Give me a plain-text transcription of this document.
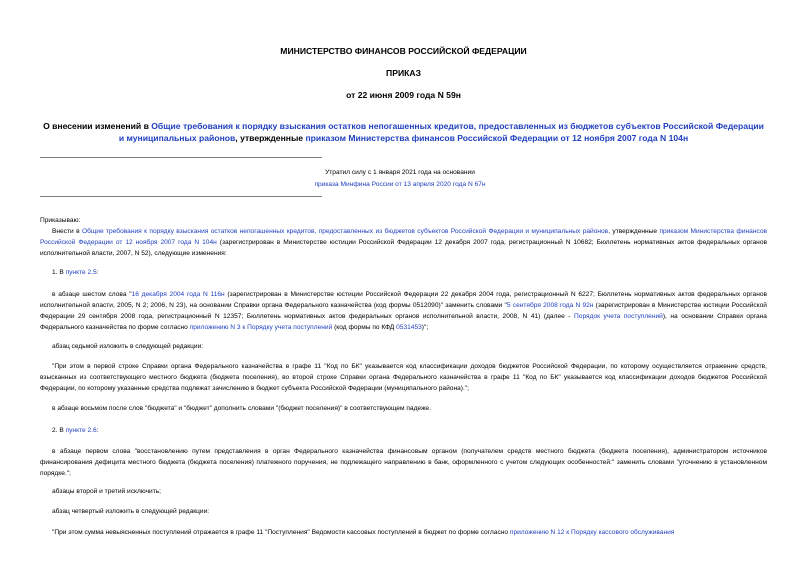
МИНИСТЕРСТВО ФИНАНСОВ РОССИЙСКОЙ ФЕДЕРАЦИИ
ПРИКАЗ
от 22 июня 2009 года N 59н
О внесении изменений в Общие требования к порядку взыскания остатков непогашенных кредитов, предоставленных из бюджетов субъектов Российской Федерации и муниципальных районов, утвержденные приказом Министерства финансов Российской Федерации от 12 ноября 2007 года N 104н
Утратил силу с 1 января 2021 года на основании
приказа Минфина России от 13 апреля 2020 года N 67н
Приказываю:
Внести в Общие требования к порядку взыскания остатков непогашенных кредитов, предоставленных из бюджетов субъектов Российской Федерации и муниципальных районов, утвержденные приказом Министерства финансов Российской Федерации от 12 ноября 2007 года N 104н (зарегистрирован в Министерстве юстиции Российской Федерации 12 декабря 2007 года, регистрационный N 10682; Бюллетень нормативных актов федеральных органов исполнительной власти, 2007, N 52), следующие изменения:
1. В пункте 2.5:
в абзаце шестом слова "16 декабря 2004 года N 116н (зарегистрирован в Министерстве юстиции Российской Федерации 22 декабря 2004 года, регистрационный N 6227; Бюллетень нормативных актов федеральных органов исполнительной власти, 2005, N 2; 2006, N 23), на основании Справки органа Федерального казначейства (код формы 0512090)" заменить словами "5 сентября 2008 года N 92н (зарегистрирован в Министерстве юстиции Российской Федерации 29 сентября 2008 года, регистрационный N 12357; Бюллетень нормативных актов федеральных органов исполнительной власти, 2008, N 41) (далее - Порядок учета поступлений), на основании Справки органа Федерального казначейства по форме согласно приложению N 3 к Порядку учета поступлений (код формы по КФД 0531453)";
абзац седьмой изложить в следующей редакции:
"При этом в первой строке Справки органа Федерального казначейства в графе 11 "Код по БК" указывается код классификации доходов бюджетов Российской Федерации, по которому осуществляется отражение средств, взысканных из соответствующего местного бюджета (бюджета поселения), во второй строке Справки органа Федерального казначейства в графе 11 "Код по БК" указывается код классификации доходов бюджетов Российской Федерации, по которому указанные средства подлежат зачислению в бюджет субъекта Российской Федерации (муниципального района).";
в абзаце восьмом после слов "бюджета" и "бюджет" дополнить словами "(бюджет поселения)" в соответствующем падеже.
2. В пункте 2.6:
в абзаце первом слова "восстановлению путем представления в орган Федерального казначейства финансовым органом (получателем средств местного бюджета (бюджета поселения), администратором источников финансирования дефицита местного бюджета (бюджета поселения) платежного поручения, не подлежащего направлению в банк, оформленного с учетом следующих особенностей:" заменить словами "уточнению в установленном порядке.";
абзацы второй и третий исключить;
абзац четвертый изложить в следующей редакции:
"При этом сумма невыясненных поступлений отражается в графе 11 "Поступления" Ведомости кассовых поступлений в бюджет по форме согласно приложению N 12 к Порядку кассового обслуживания
